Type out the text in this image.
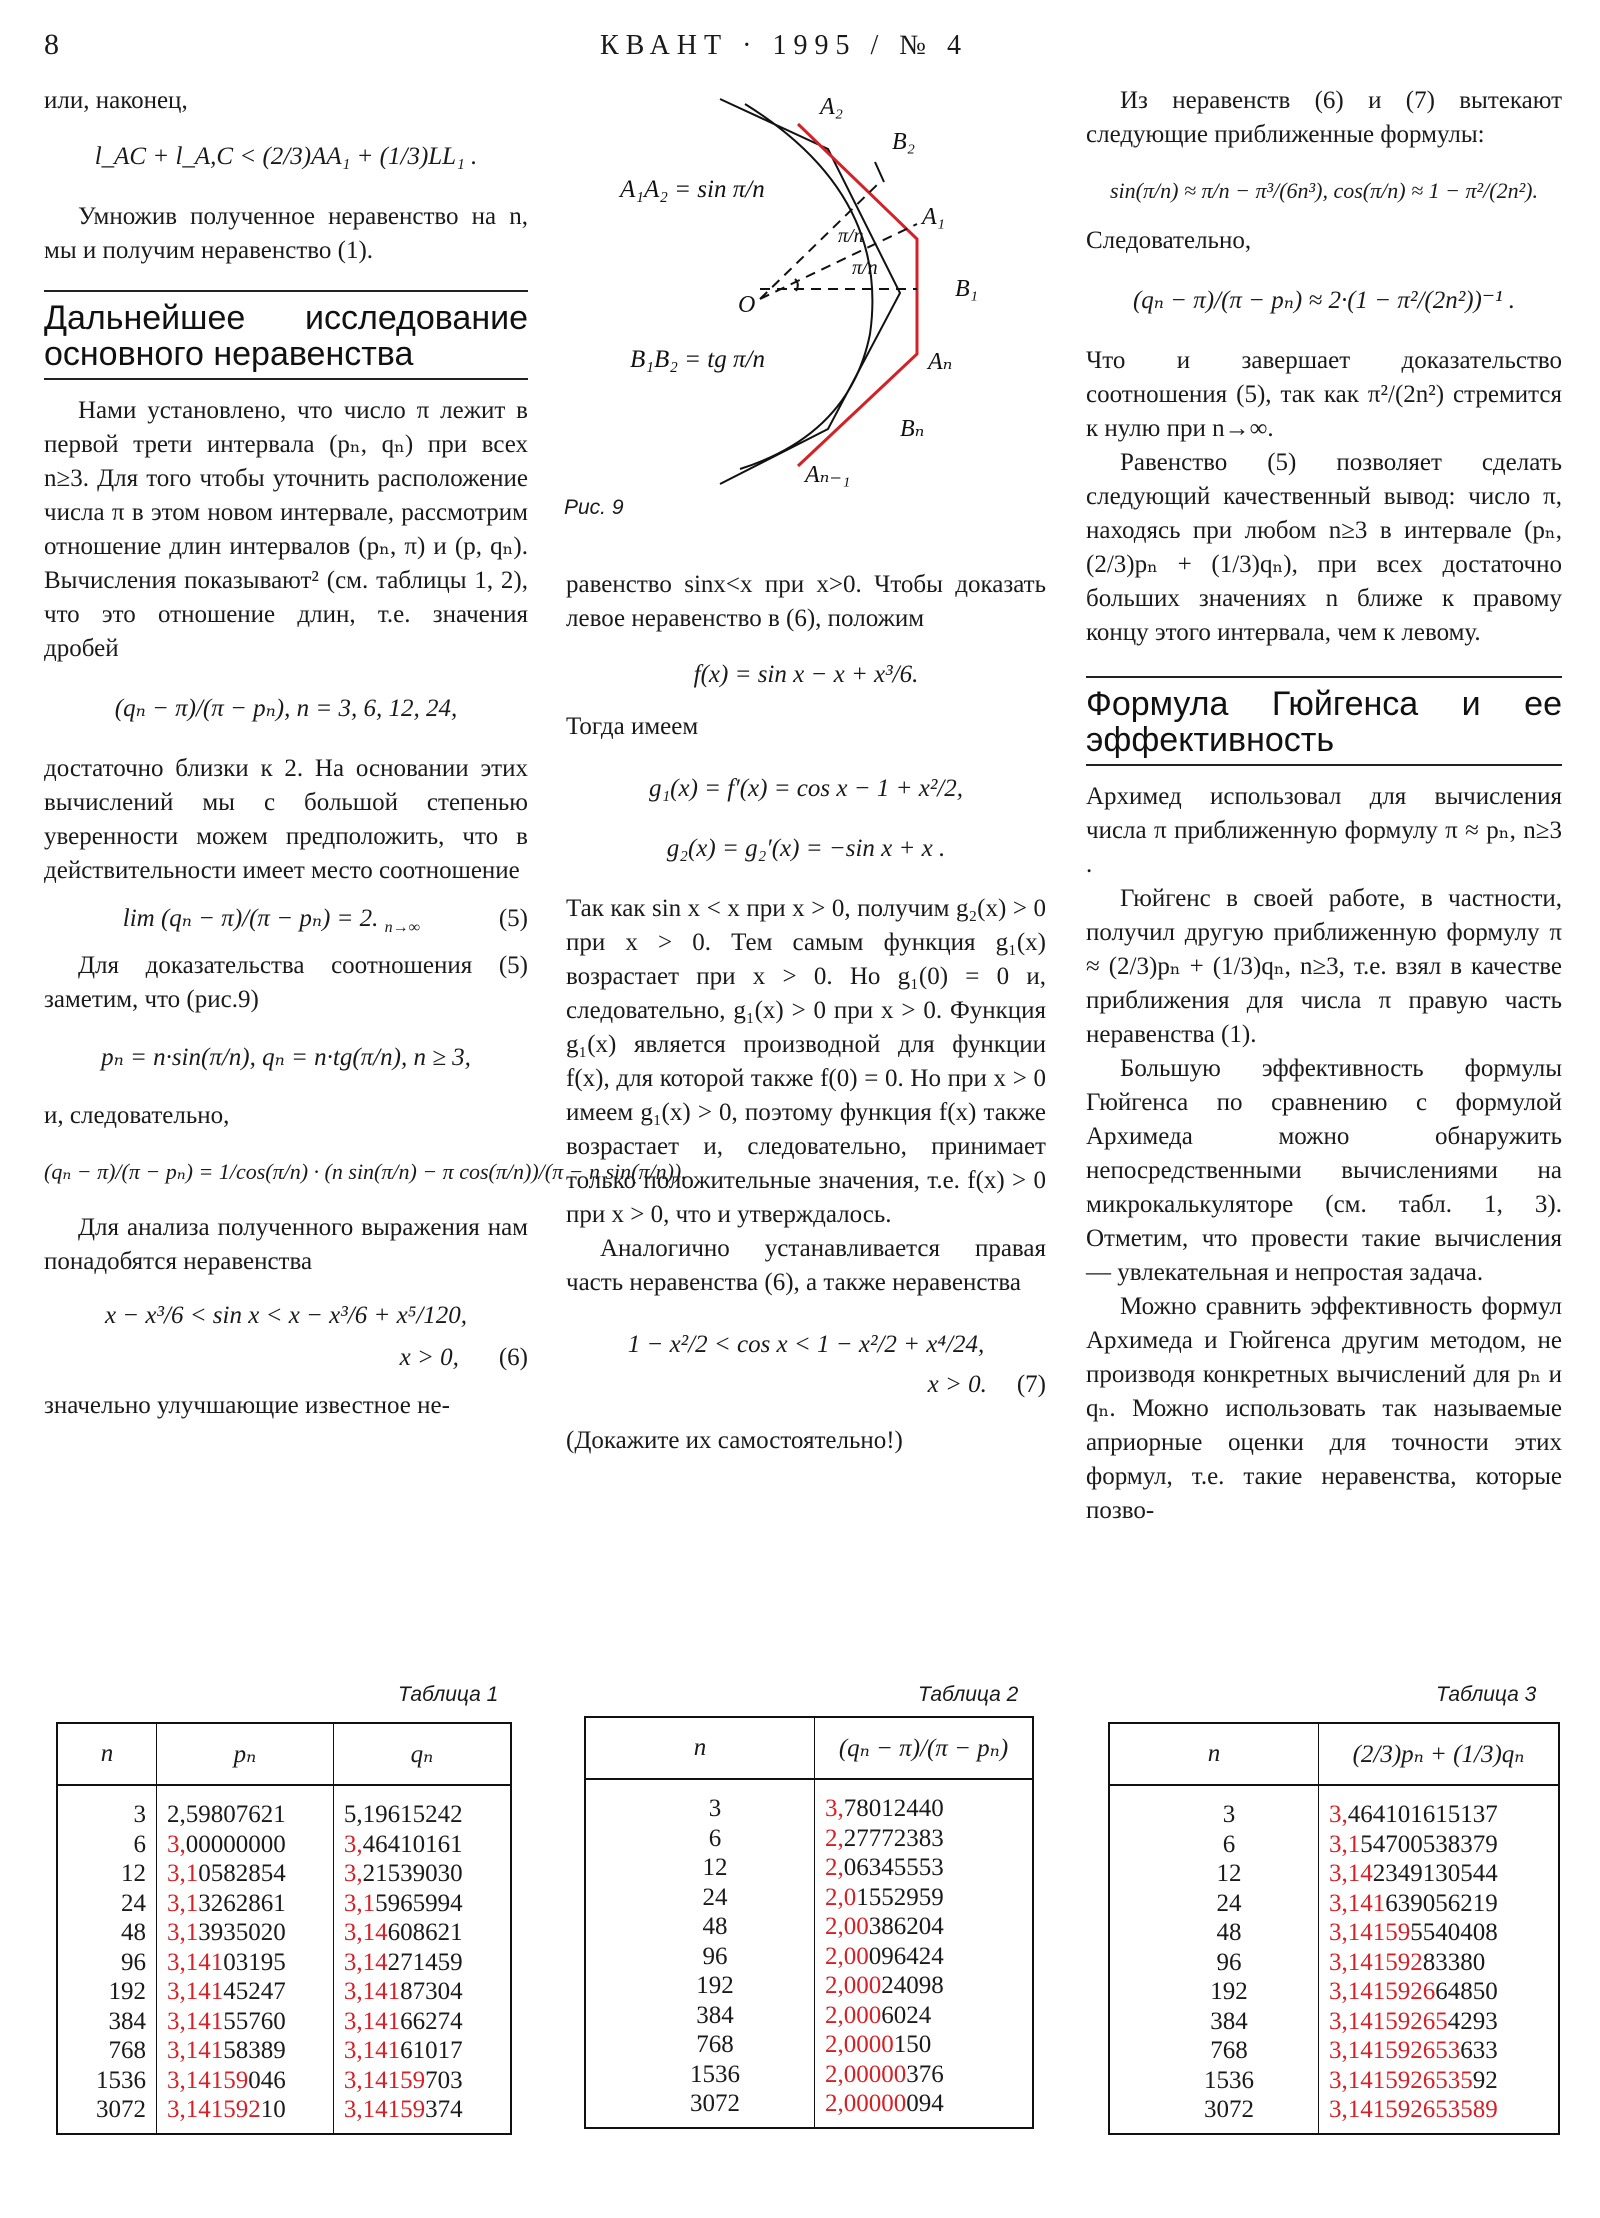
8	КВАНТ · 1995 / № 4

или, наконец,

l_AC + l_A,C < (2/3)AA₁ + (1/3)LL₁ .

Умножив полученное неравенство на n, мы и получим неравенство (1).

Дальнейшее исследование основного неравенства

Нами установлено, что число π лежит в первой трети интервала (pₙ, qₙ) при всех n≥3. Для того чтобы уточнить расположение числа π в этом новом интервале, рассмотрим отношение длин интервалов (pₙ, π) и (p, qₙ). Вычисления показывают² (см. таблицы 1, 2), что это отношение длин, т.е. значения дробей

(qₙ − π)/(π − pₙ), n = 3, 6, 12, 24,

достаточно близки к 2. На основании этих вычислений мы с большой степенью уверенности можем предположить, что в действительности имеет место соотношение

lim (qₙ − π)/(π − pₙ) = 2. $_{n\to\infty}$	(5)

Для доказательства соотношения (5) заметим, что (рис.9)

pₙ = n·sin(π/n), qₙ = n·tg(π/n), n ≥ 3,

и, следовательно,

(qₙ − π)/(π − pₙ) = 1/cos(π/n) · (n sin(π/n) − π cos(π/n))/(π − n sin(π/n)).

Для анализа полученного выражения нам понадобятся неравенства

x − x³/6 < sin x < x − x³/6 + x⁵/120,

x > 0, (6)

значельно улучшающие известное не-

A₁A₂ = sin π/n
B₁B₂ = tg π/n
A₂
B₂
A₁
B₁
O
Aₙ
Bₙ
Aₙ₋₁
π/n
π/n
Рис. 9

равенство sinx<x при x>0. Чтобы доказать левое неравенство в (6), положим

f(x) = sin x − x + x³/6.

Тогда имеем

g₁(x) = f′(x) = cos x − 1 + x²/2,

g₂(x) = g₂′(x) = −sin x + x .

Так как sin x < x при x > 0, получим g₂(x) > 0 при x > 0. Тем самым функция g₁(x) возрастает при x > 0. Но g₁(0) = 0 и, следовательно, g₁(x) > 0 при x > 0. Функция g₁(x) является производной для функции f(x), для которой также f(0) = 0. Но при x > 0 имеем g₁(x) > 0, поэтому функция f(x) также возрастает и, следовательно, принимает только положительные значения, т.е. f(x) > 0 при x > 0, что и утверждалось.

Аналогично устанавливается правая часть неравенства (6), а также неравенства

1 − x²/2 < cos x < 1 − x²/2 + x⁴/24,

x > 0. (7)

(Докажите их самостоятельно!)

Из неравенств (6) и (7) вытекают следующие приближенные формулы:

sin(π/n) ≈ π/n − π³/(6n³), cos(π/n) ≈ 1 − π²/(2n²).

Следовательно,

(qₙ − π)/(π − pₙ) ≈ 2·(1 − π²/(2n²))⁻¹ .

Что и завершает доказательство соотношения (5), так как π²/(2n²) стремится к нулю при n→∞.

Равенство (5) позволяет сделать следующий качественный вывод: число π, находясь при любом n≥3 в интервале (pₙ, (2/3)pₙ + (1/3)qₙ), при всех достаточно больших значениях n ближе к правому концу этого интервала, чем к левому.

Формула Гюйгенса и ее эффективность

Архимед использовал для вычисления числа π приближенную формулу π ≈ pₙ, n≥3 .

Гюйгенс в своей работе, в частности, получил другую приближенную формулу π ≈ (2/3)pₙ + (1/3)qₙ, n≥3, т.е. взял в качестве приближения для числа π правую часть неравенства (1).

Большую эффективность формулы Гюйгенса по сравнению с формулой Архимеда можно обнаружить непосредственными вычислениями на микрокалькуляторе (см. табл. 1, 3). Отметим, что провести такие вычисления — увлекательная и непростая задача.

Можно сравнить эффективность формул Архимеда и Гюйгенса другим методом, не производя конкретных вычислений для pₙ и qₙ. Можно использовать так называемые априорные оценки для точности этих формул, т.е. такие неравенства, которые позво-

Таблица 1
n	pₙ	qₙ
3	2,59807621	5,19615242
6	3,00000000	3,46410161
12	3,10582854	3,21539030
24	3,13262861	3,15965994
48	3,13935020	3,14608621
96	3,14103195	3,14271459
192	3,14145247	3,14187304
384	3,14155760	3,14166274
768	3,14158389	3,14161017
1536	3,14159046	3,14159703
3072	3,14159210	3,14159374
Таблица 2
n	(qₙ − π)/(π − pₙ)
3	3,78012440
6	2,27772383
12	2,06345553
24	2,01552959
48	2,00386204
96	2,00096424
192	2,00024098
384	2,0006024
768	2,0000150
1536	2,00000376
3072	2,00000094
Таблица 3
n	(2/3)pₙ + (1/3)qₙ
3	3,464101615137
6	3,154700538379
12	3,142349130544
24	3,141639056219
48	3,141595540408
96	3,14159283380
192	3,141592664850
384	3,141592654293
768	3,141592653633
1536	3,141592653592
3072	3,141592653589
